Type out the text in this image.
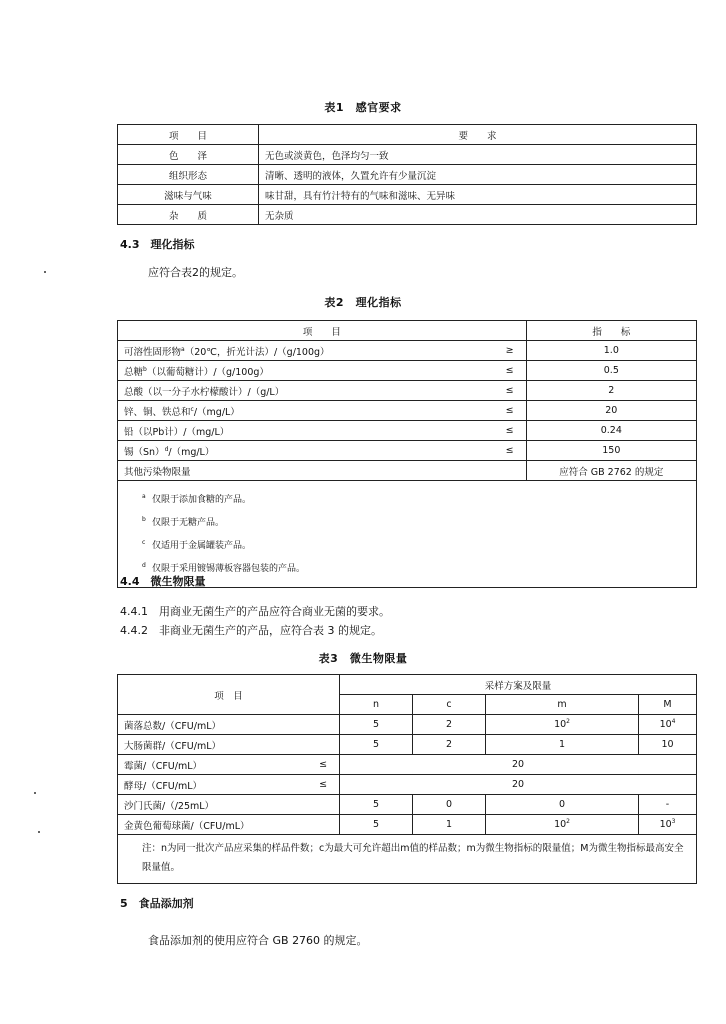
表1　感官要求
项　　目	要　　求
色　　泽	无色或淡黄色，色泽均匀一致
组织形态	清晰、透明的液体，久置允许有少量沉淀
滋味与气味	味甘甜，具有竹汁特有的气味和滋味、无异味
杂　　质	无杂质
4.3　理化指标
应符合表2的规定。
表2　理化指标
项　　目		指　　标
可溶性固形物$^a$（20℃，折光计法）/（g/100g）	≥	1.0
总糖$^b$（以葡萄糖计）/（g/100g）	≤	0.5
总酸（以一分子水柠檬酸计）/（g/L）	≤	2
锌、铜、铁总和$^c$/（mg/L）	≤	20
铅（以Pb计）/（mg/L）	≤	0.24
锡$(Sn)^d/(mg/L)$	≤	150
其他污染物限量		应符合 GB 2762 的规定

a 仅限于添加食糖的产品。
b 仅限于无糖产品。
c 仅适用于金属罐装产品。
d 仅限于采用镀锡薄板容器包装的产品。		
4.4　微生物限量
4.4.1　用商业无菌生产的产品应符合商业无菌的要求。
4.4.2　非商业无菌生产的产品，应符合表 3 的规定。
表3　微生物限量
项　目		采样方案及限量			
		n	c	m	M
菌落总数/（CFU/mL）		5	2	$10^2$	$10^4$
大肠菌群/（CFU/mL）		5	2	1	10
霉菌/（CFU/mL）	≤	20			
酵母/（CFU/mL）	≤	20			
沙门氏菌/（/25mL）		5	0	0	-
金黄色葡萄球菌/（CFU/mL）		5	1	$10^2$	$10^3$
注：n为同一批次产品应采集的样品件数；c为最大可允许超出m值的样品数；m为微生物指标的限量值；M为微生物指标最高安全限量值。					
5　食品添加剂
食品添加剂的使用应符合 GB 2760 的规定。
